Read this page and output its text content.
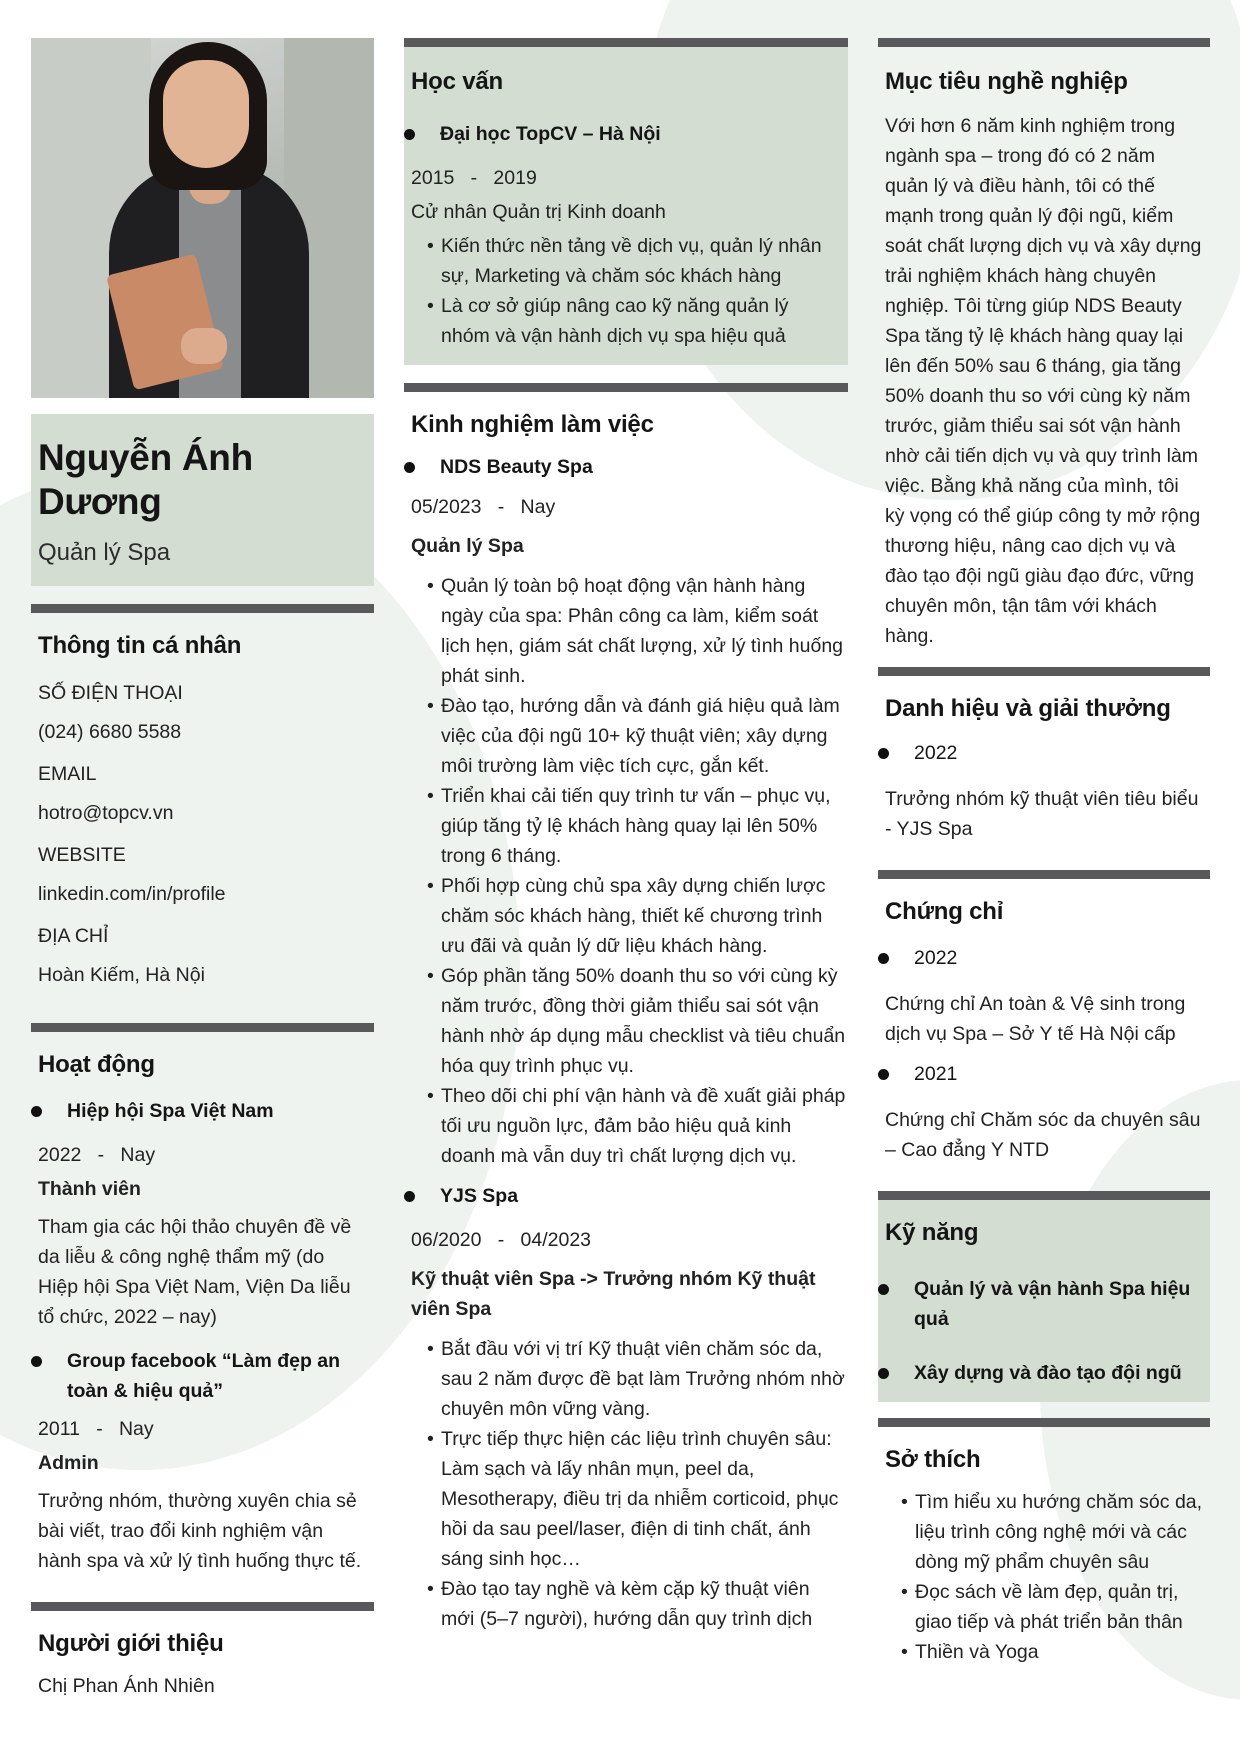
Nguyễn Ánh Dương
Quản lý Spa
Thông tin cá nhân
SỐ ĐIỆN THOẠI
(024) 6680 5588
EMAIL
hotro@topcv.vn
WEBSITE
linkedin.com/in/profile
ĐỊA CHỈ
Hoàn Kiếm, Hà Nội
Hoạt động
Hiệp hội Spa Việt Nam
2022 - Nay
Thành viên
Tham gia các hội thảo chuyên đề về da liễu & công nghệ thẩm mỹ (do Hiệp hội Spa Việt Nam, Viện Da liễu tổ chức, 2022 – nay)
Group facebook “Làm đẹp an toàn & hiệu quả”
2011 - Nay
Admin
Trưởng nhóm, thường xuyên chia sẻ bài viết, trao đổi kinh nghiệm vận hành spa và xử lý tình huống thực tế.
Người giới thiệu
Chị Phan Ánh Nhiên
Học vấn
Đại học TopCV – Hà Nội
2015 - 2019
Cử nhân Quản trị Kinh doanh
• Kiến thức nền tảng về dịch vụ, quản lý nhân sự, Marketing và chăm sóc khách hàng
• Là cơ sở giúp nâng cao kỹ năng quản lý nhóm và vận hành dịch vụ spa hiệu quả
Kinh nghiệm làm việc
NDS Beauty Spa
05/2023 - Nay
Quản lý Spa
• Quản lý toàn bộ hoạt động vận hành hàng ngày của spa: Phân công ca làm, kiểm soát lịch hẹn, giám sát chất lượng, xử lý tình huống phát sinh.
• Đào tạo, hướng dẫn và đánh giá hiệu quả làm việc của đội ngũ 10+ kỹ thuật viên; xây dựng môi trường làm việc tích cực, gắn kết.
• Triển khai cải tiến quy trình tư vấn – phục vụ, giúp tăng tỷ lệ khách hàng quay lại lên 50% trong 6 tháng.
• Phối hợp cùng chủ spa xây dựng chiến lược chăm sóc khách hàng, thiết kế chương trình ưu đãi và quản lý dữ liệu khách hàng.
• Góp phần tăng 50% doanh thu so với cùng kỳ năm trước, đồng thời giảm thiểu sai sót vận hành nhờ áp dụng mẫu checklist và tiêu chuẩn hóa quy trình phục vụ.
• Theo dõi chi phí vận hành và đề xuất giải pháp tối ưu nguồn lực, đảm bảo hiệu quả kinh doanh mà vẫn duy trì chất lượng dịch vụ.
YJS Spa
06/2020 - 04/2023
Kỹ thuật viên Spa -> Trưởng nhóm Kỹ thuật viên Spa
• Bắt đầu với vị trí Kỹ thuật viên chăm sóc da, sau 2 năm được đề bạt làm Trưởng nhóm nhờ chuyên môn vững vàng.
• Trực tiếp thực hiện các liệu trình chuyên sâu: Làm sạch và lấy nhân mụn, peel da, Mesotherapy, điều trị da nhiễm corticoid, phục hồi da sau peel/laser, điện di tinh chất, ánh sáng sinh học…
• Đào tạo tay nghề và kèm cặp kỹ thuật viên mới (5–7 người), hướng dẫn quy trình dịch
Mục tiêu nghề nghiệp
Với hơn 6 năm kinh nghiệm trong ngành spa – trong đó có 2 năm quản lý và điều hành, tôi có thế mạnh trong quản lý đội ngũ, kiểm soát chất lượng dịch vụ và xây dựng trải nghiệm khách hàng chuyên nghiệp. Tôi từng giúp NDS Beauty Spa tăng tỷ lệ khách hàng quay lại lên đến 50% sau 6 tháng, gia tăng 50% doanh thu so với cùng kỳ năm trước, giảm thiểu sai sót vận hành nhờ cải tiến dịch vụ và quy trình làm việc. Bằng khả năng của mình, tôi kỳ vọng có thể giúp công ty mở rộng thương hiệu, nâng cao dịch vụ và đào tạo đội ngũ giàu đạo đức, vững chuyên môn, tận tâm với khách hàng.
Danh hiệu và giải thưởng
2022
Trưởng nhóm kỹ thuật viên tiêu biểu - YJS Spa
Chứng chỉ
2022
Chứng chỉ An toàn & Vệ sinh trong dịch vụ Spa – Sở Y tế Hà Nội cấp
2021
Chứng chỉ Chăm sóc da chuyên sâu – Cao đẳng Y NTD
Kỹ năng
Quản lý và vận hành Spa hiệu quả
Xây dựng và đào tạo đội ngũ
Sở thích
• Tìm hiểu xu hướng chăm sóc da, liệu trình công nghệ mới và các dòng mỹ phẩm chuyên sâu
• Đọc sách về làm đẹp, quản trị, giao tiếp và phát triển bản thân
• Thiền và Yoga
